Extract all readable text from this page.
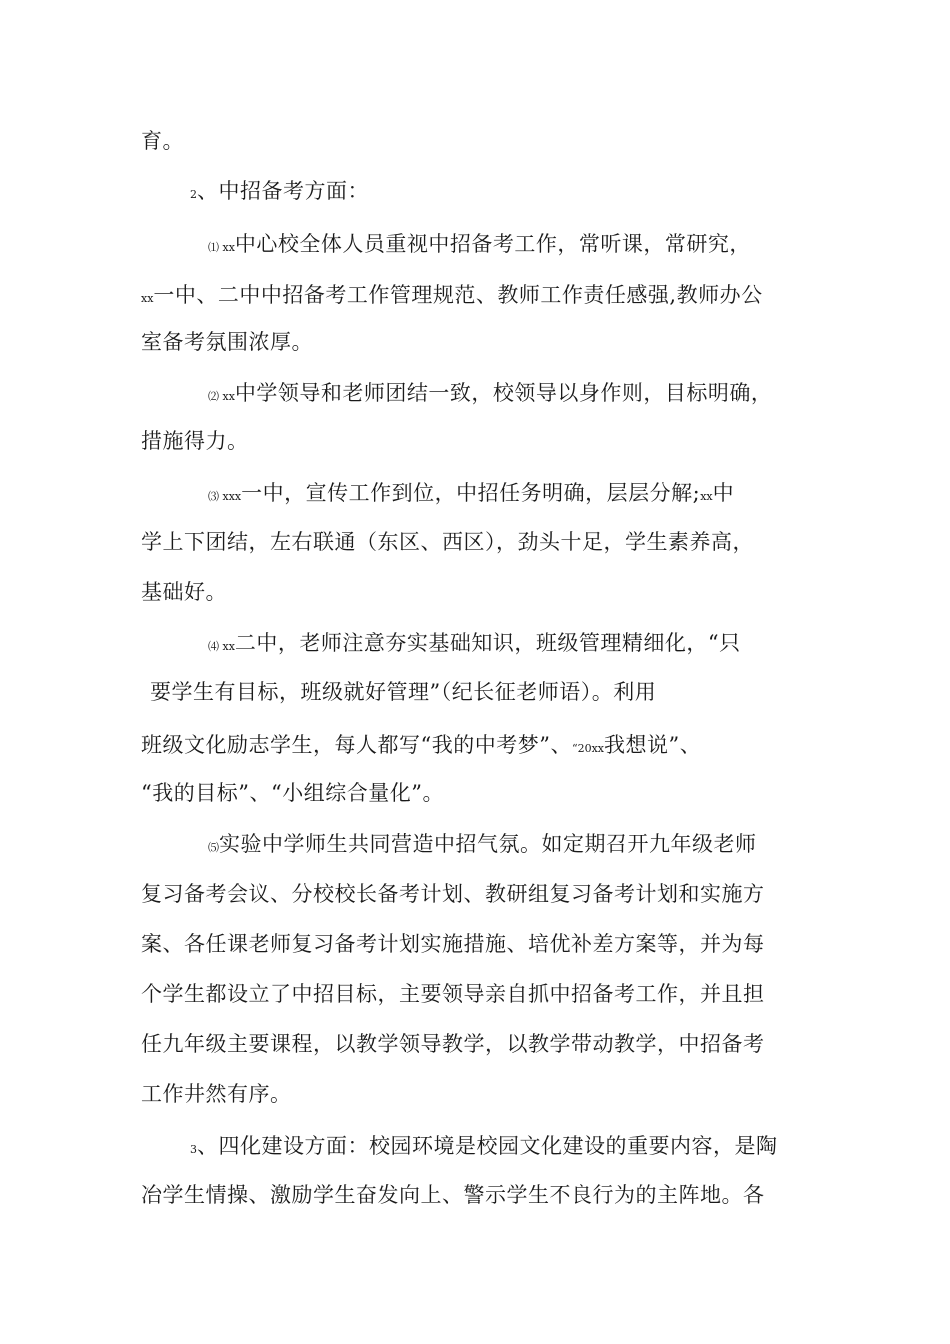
育。
2、中招备考方面：
⑴ xx中心校全体人员重视中招备考工作，常听课，常研究，
xx一中、二中中招备考工作管理规范、教师工作责任感强,教师办公
室备考氛围浓厚。
⑵ xx中学领导和老师团结一致，校领导以身作则，目标明确，
措施得力。
⑶ xxx一中，宣传工作到位，中招任务明确，层层分解;xx中
学上下团结，左右联通（东区、西区），劲头十足，学生素养高，
基础好。
⑷ xx二中，老师注意夯实基础知识，班级管理精细化，“只
要学生有目标，班级就好管理”（纪长征老师语）。利用
班级文化励志学生，每人都写“我的中考梦”、“20xx我想说”、
“我的目标”、“小组综合量化”。
⑸实验中学师生共同营造中招气氛。如定期召开九年级老师
复习备考会议、分校校长备考计划、教研组复习备考计划和实施方
案、各任课老师复习备考计划实施措施、培优补差方案等，并为每
个学生都设立了中招目标，主要领导亲自抓中招备考工作，并且担
任九年级主要课程，以教学领导教学，以教学带动教学，中招备考
工作井然有序。
3、四化建设方面：校园环境是校园文化建设的重要内容，是陶
冶学生情操、激励学生奋发向上、警示学生不良行为的主阵地。各
